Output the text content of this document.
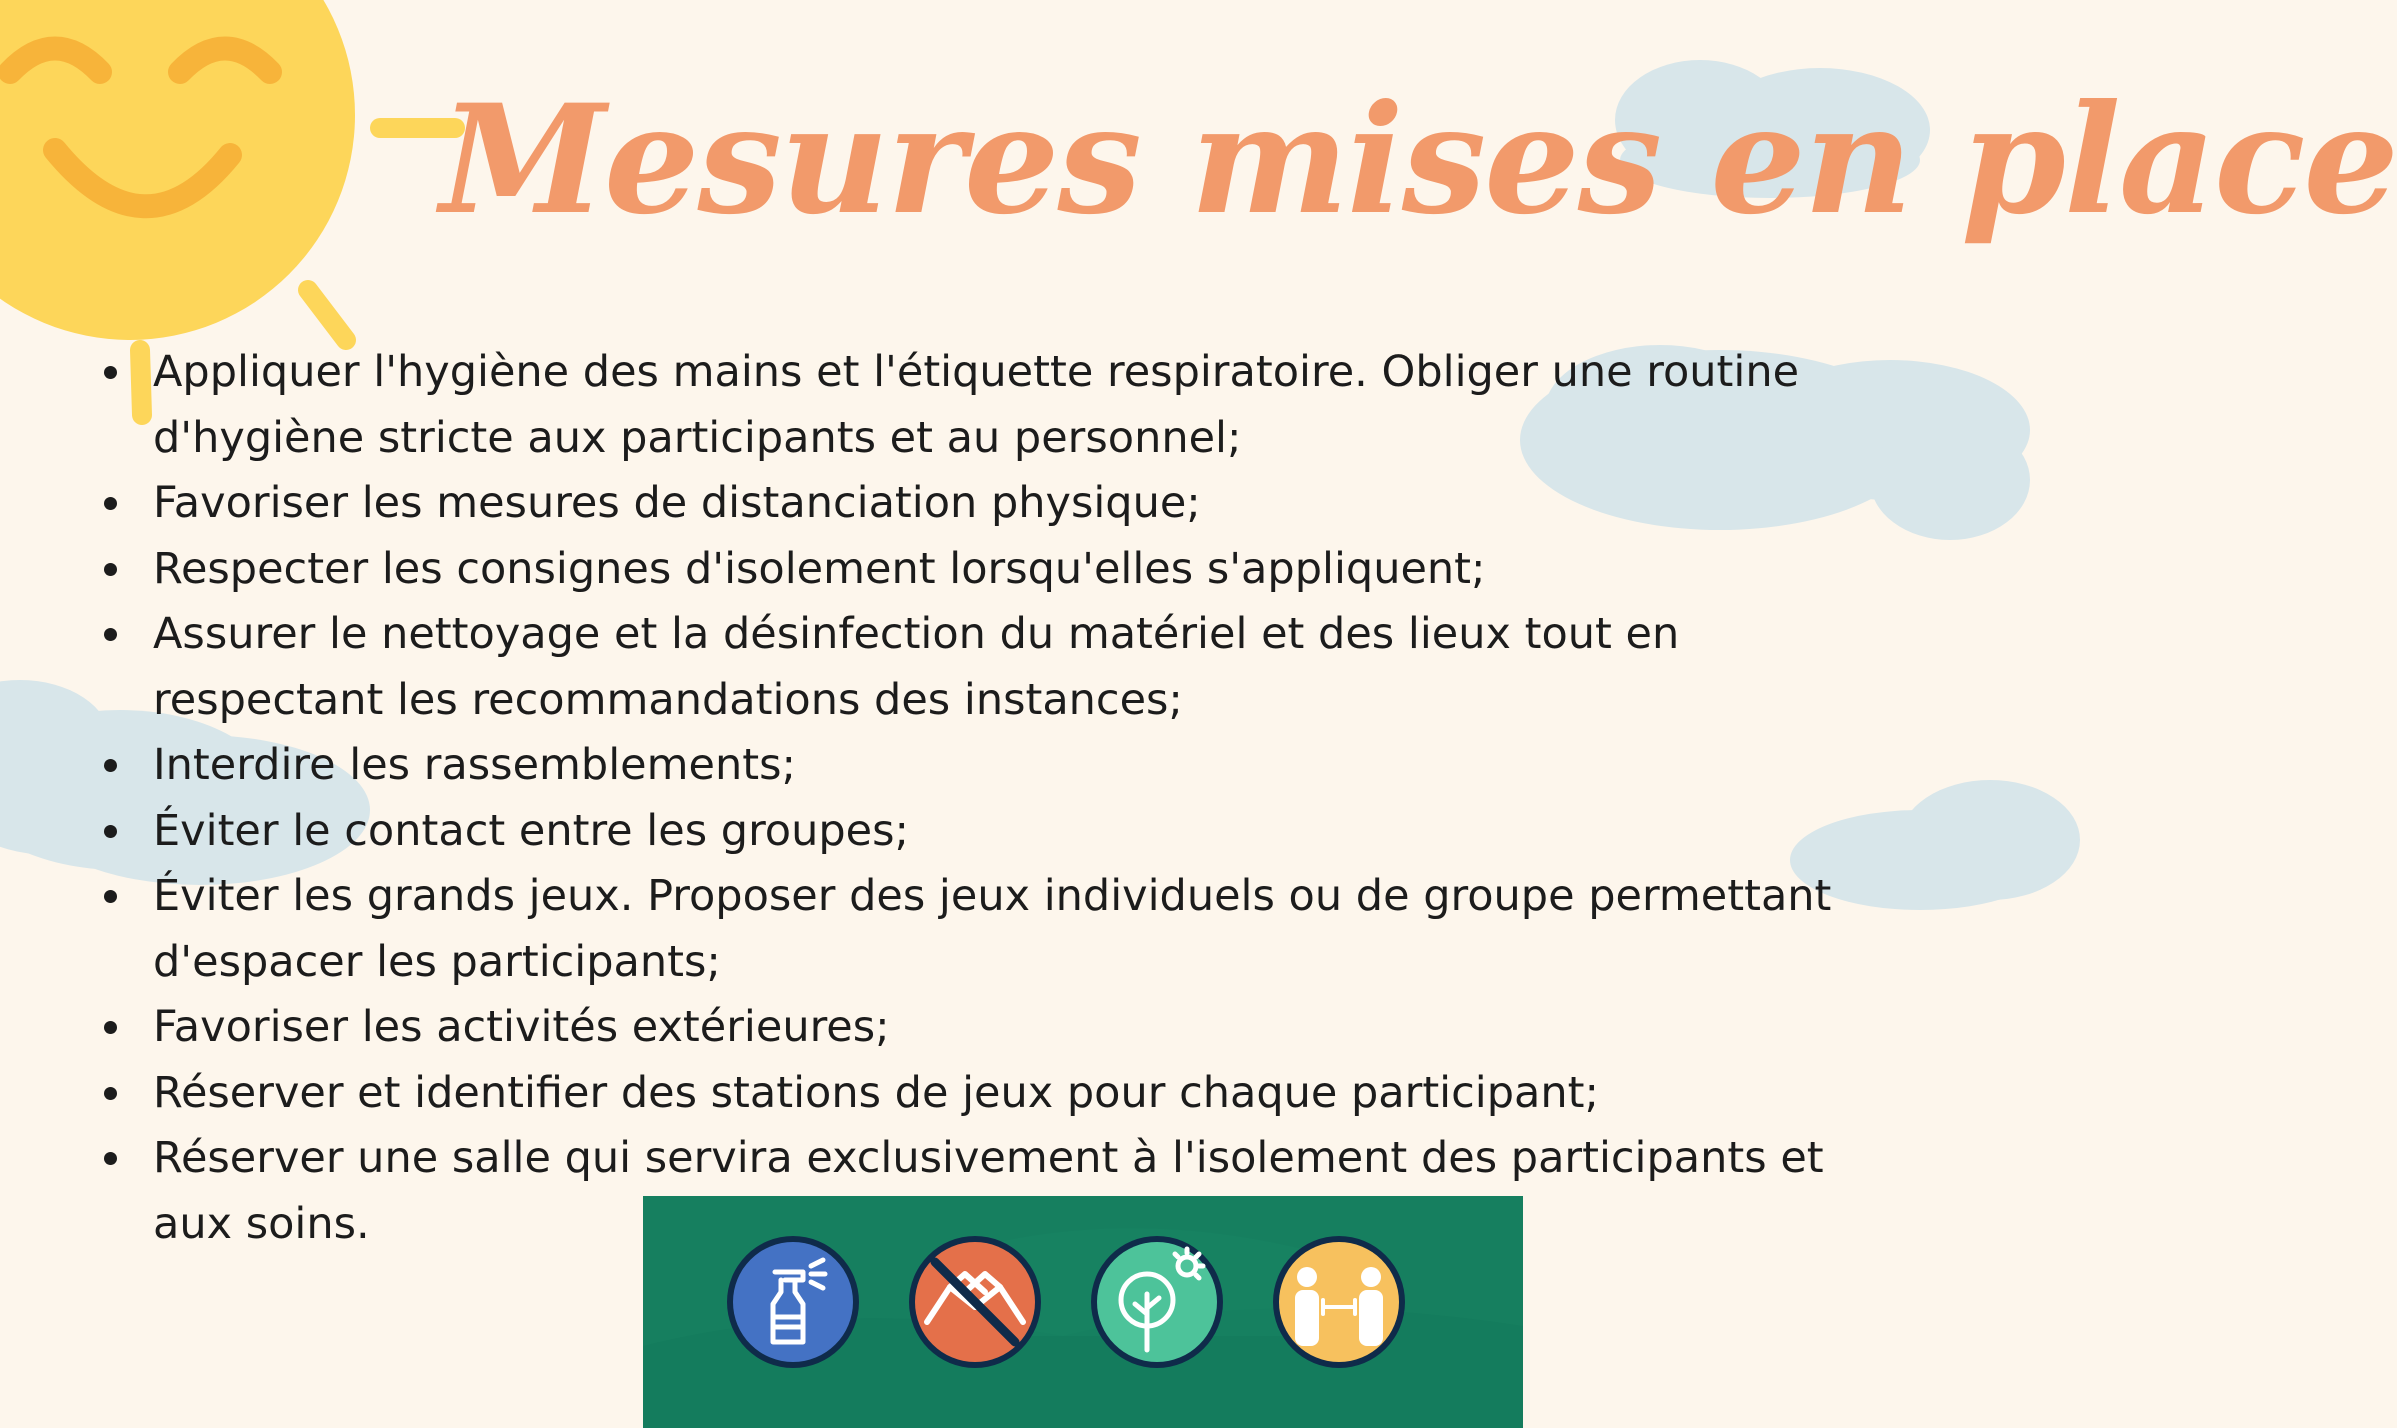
Mesures mises en place
Appliquer l'hygiène des mains et l'étiquette respiratoire. Obliger une routine d'hygiène stricte aux participants et au personnel;
Favoriser les mesures de distanciation physique;
Respecter les consignes d'isolement lorsqu'elles s'appliquent;
Assurer le nettoyage et la désinfection du matériel et des lieux tout en respectant les recommandations des instances;
Interdire les rassemblements;
Éviter le contact entre les groupes;
Éviter les grands jeux. Proposer des jeux individuels ou de groupe permettant d'espacer les participants;
Favoriser les activités extérieures;
Réserver et identifier des stations de jeux pour chaque participant;
Réserver une salle qui servira exclusivement à l'isolement des participants et aux soins.
